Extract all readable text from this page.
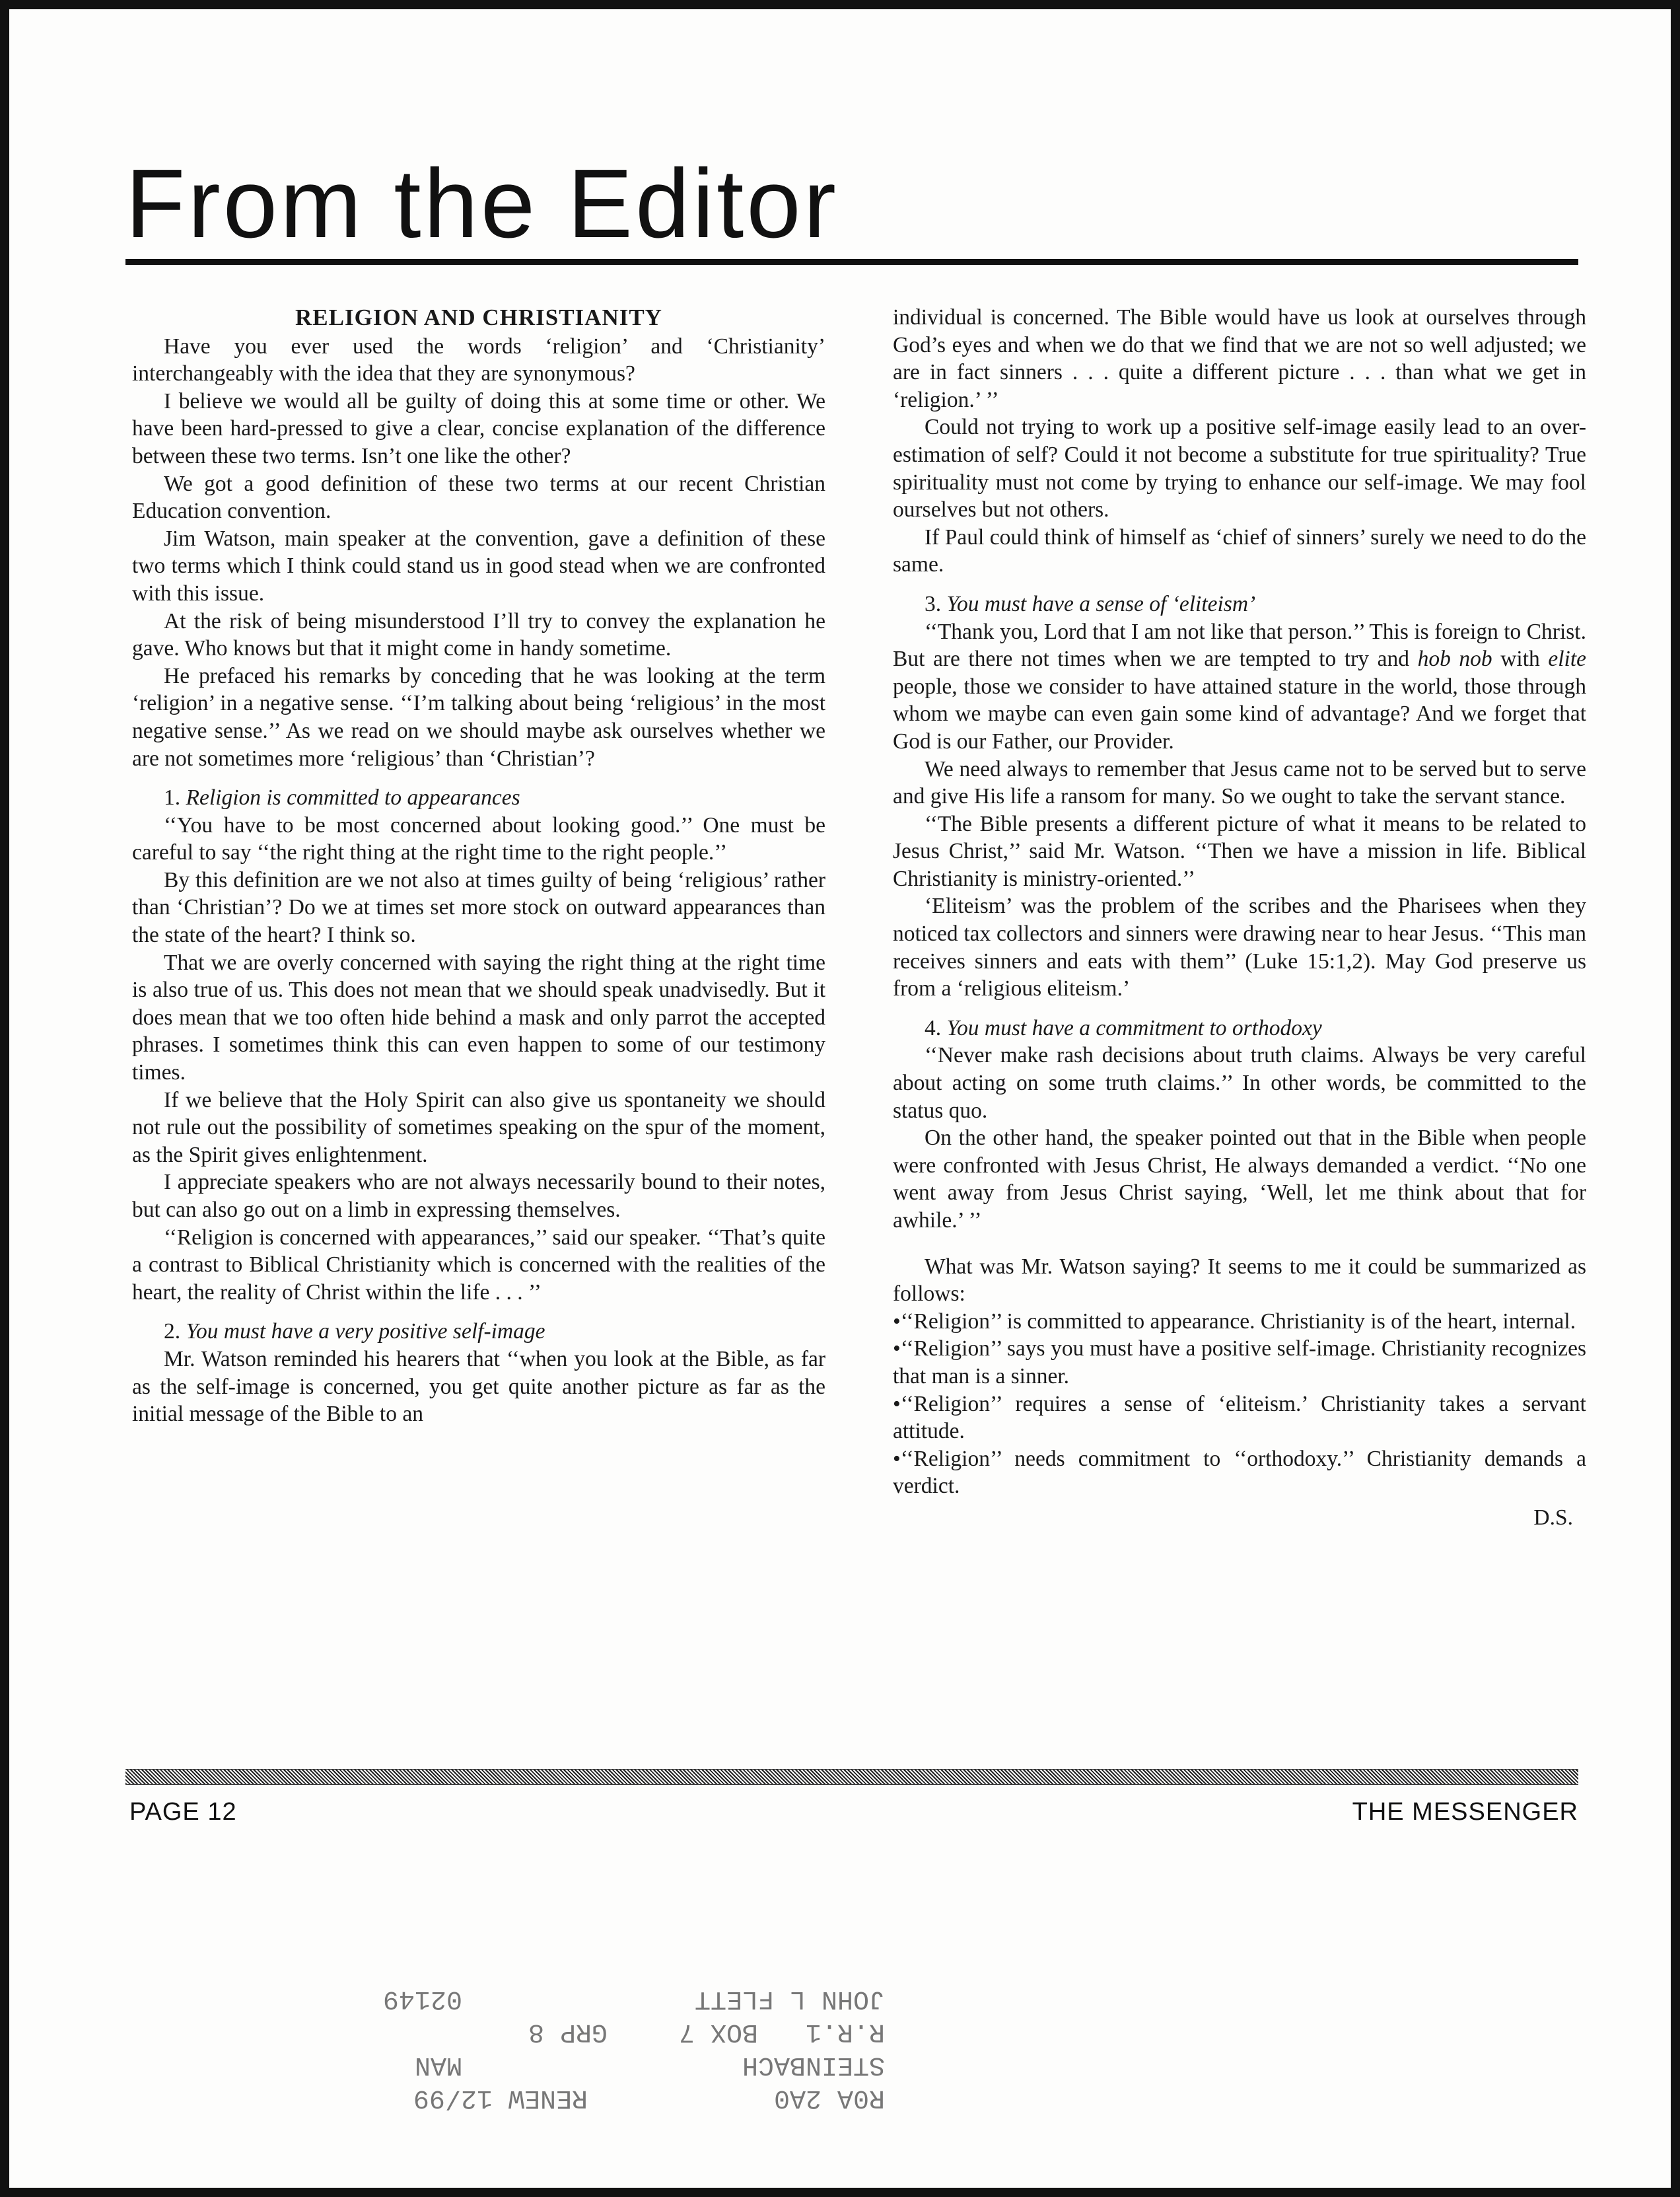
From the Editor

RELIGION AND CHRISTIANITY

Have you ever used the words ‘religion’ and ‘Christianity’ interchangeably with the idea that they are synonymous?

I believe we would all be guilty of doing this at some time or other. We have been hard-pressed to give a clear, concise explanation of the difference between these two terms. Isn’t one like the other?

We got a good definition of these two terms at our recent Christian Education convention.

Jim Watson, main speaker at the convention, gave a definition of these two terms which I think could stand us in good stead when we are confronted with this issue.

At the risk of being misunderstood I’ll try to convey the explanation he gave. Who knows but that it might come in handy sometime.

He prefaced his remarks by conceding that he was looking at the term ‘religion’ in a negative sense. ‘‘I’m talking about being ‘religious’ in the most negative sense.’’ As we read on we should maybe ask ourselves whether we are not sometimes more ‘religious’ than ‘Christian’?

1. Religion is committed to appearances

‘‘You have to be most concerned about looking good.’’ One must be careful to say ‘‘the right thing at the right time to the right people.’’

By this definition are we not also at times guilty of being ‘religious’ rather than ‘Christian’? Do we at times set more stock on outward appearances than the state of the heart? I think so.

That we are overly concerned with saying the right thing at the right time is also true of us. This does not mean that we should speak unadvisedly. But it does mean that we too often hide behind a mask and only parrot the accepted phrases. I sometimes think this can even happen to some of our testimony times.

If we believe that the Holy Spirit can also give us spontaneity we should not rule out the possibility of sometimes speaking on the spur of the moment, as the Spirit gives enlightenment.

I appreciate speakers who are not always necessarily bound to their notes, but can also go out on a limb in expressing themselves.

‘‘Religion is concerned with appearances,’’ said our speaker. ‘‘That’s quite a contrast to Biblical Christianity which is concerned with the realities of the heart, the reality of Christ within the life . . . ’’

2. You must have a very positive self-image

Mr. Watson reminded his hearers that ‘‘when you look at the Bible, as far as the self-image is concerned, you get quite another picture as far as the initial message of the Bible to an

individual is concerned. The Bible would have us look at ourselves through God’s eyes and when we do that we find that we are not so well adjusted; we are in fact sinners . . . quite a different picture . . . than what we get in ‘religion.’ ’’

Could not trying to work up a positive self-image easily lead to an over-estimation of self? Could it not become a substitute for true spirituality? True spirituality must not come by trying to enhance our self-image. We may fool ourselves but not others.

If Paul could think of himself as ‘chief of sinners’ surely we need to do the same.

3. You must have a sense of ‘eliteism’

‘‘Thank you, Lord that I am not like that person.’’ This is foreign to Christ. But are there not times when we are tempted to try and hob nob with elite people, those we consider to have attained stature in the world, those through whom we maybe can even gain some kind of advantage? And we forget that God is our Father, our Provider.

We need always to remember that Jesus came not to be served but to serve and give His life a ransom for many. So we ought to take the servant stance.

‘‘The Bible presents a different picture of what it means to be related to Jesus Christ,’’ said Mr. Watson. ‘‘Then we have a mission in life. Biblical Christianity is ministry-oriented.’’

‘Eliteism’ was the problem of the scribes and the Pharisees when they noticed tax collectors and sinners were drawing near to hear Jesus. ‘‘This man receives sinners and eats with them’’ (Luke 15:1,2). May God preserve us from a ‘religious eliteism.’

4. You must have a commitment to orthodoxy

‘‘Never make rash decisions about truth claims. Always be very careful about acting on some truth claims.’’ In other words, be committed to the status quo.

On the other hand, the speaker pointed out that in the Bible when people were confronted with Jesus Christ, He always demanded a verdict. ‘‘No one went away from Jesus Christ saying, ‘Well, let me think about that for awhile.’ ’’

What was Mr. Watson saying? It seems to me it could be summarized as follows:

•‘‘Religion’’ is committed to appearance. Christianity is of the heart, internal.

•‘‘Religion’’ says you must have a positive self-image. Christianity recognizes that man is a sinner.

•‘‘Religion’’ requires a sense of ‘eliteism.’ Christianity takes a servant attitude.

•‘‘Religion’’ needs commitment to ‘‘orthodoxy.’’ Christianity demands a verdict.

D.S.

PAGE 12	THE MESSENGER
R0A 2A0
STEINBACH
R.R.1   BOX 7
JOHN L FLETT
RENEW 12/99
MAN
GRP 8
02149
